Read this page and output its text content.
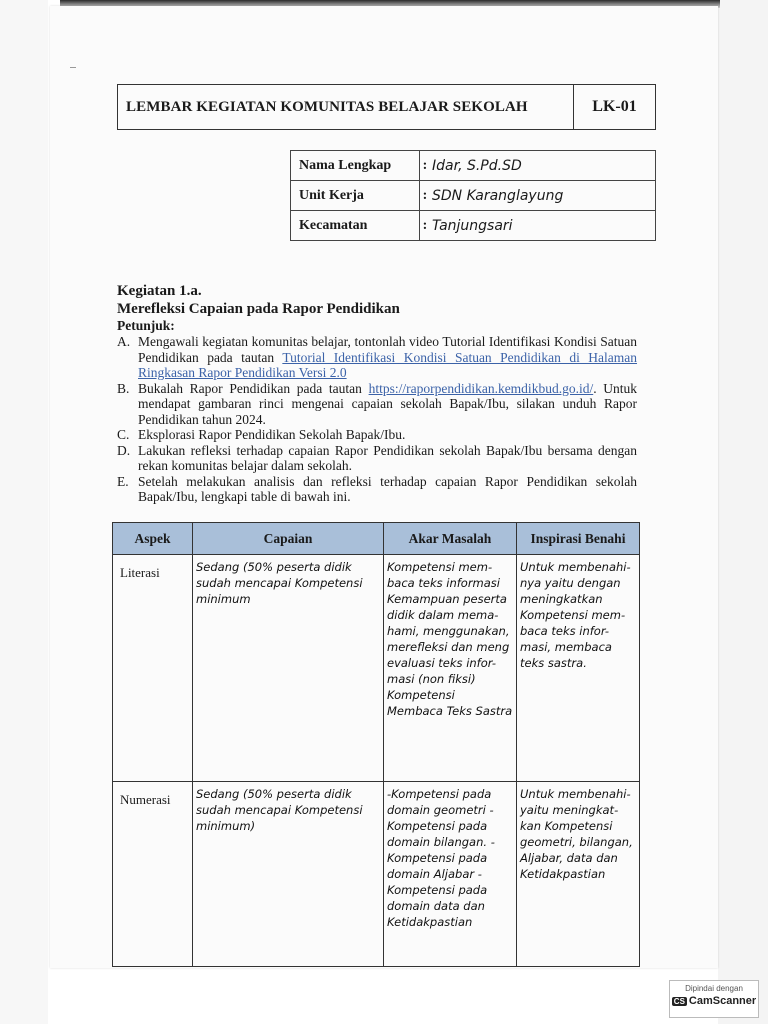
LEMBAR KEGIATAN KOMUNITAS BELAJAR SEKOLAH	LK-01
Nama Lengkap	:	Idar, S.Pd.SD
Unit Kerja	:	SDN Karanglayung
Kecamatan	:	Tanjungsari
Kegiatan 1.a.
Merefleksi Capaian pada Rapor Pendidikan
Petunjuk:
A. Mengawali kegiatan komunitas belajar, tontonlah video Tutorial Identifikasi Kondisi Satuan Pendidikan pada tautan Tutorial Identifikasi Kondisi Satuan Pendidikan di Halaman Ringkasan Rapor Pendidikan Versi 2.0
B. Bukalah Rapor Pendidikan pada tautan https://raporpendidikan.kemdikbud.go.id/. Untuk mendapat gambaran rinci mengenai capaian sekolah Bapak/Ibu, silakan unduh Rapor Pendidikan tahun 2024.
C. Eksplorasi Rapor Pendidikan Sekolah Bapak/Ibu.
D. Lakukan refleksi terhadap capaian Rapor Pendidikan sekolah Bapak/Ibu bersama dengan rekan komunitas belajar dalam sekolah.
E. Setelah melakukan analisis dan refleksi terhadap capaian Rapor Pendidikan sekolah Bapak/Ibu, lengkapi table di bawah ini.
Aspek	Capaian	Akar Masalah	Inspirasi Benahi
Literasi	Sedang (50% peserta didik sudah mencapai Kompetensi minimum	Kompetensi mem- baca teks informasi Kemampuan peserta didik dalam mema- hami, menggunakan, merefleksi dan meng evaluasi teks infor- masi (non fiksi) Kompetensi Membaca Teks Sastra	Untuk membenahi- nya yaitu dengan meningkatkan Kompetensi mem- baca teks infor- masi, membaca teks sastra.
Numerasi	Sedang (50% peserta didik sudah mencapai Kompetensi minimum)	-Kompetensi pada domain geometri -Kompetensi pada domain bilangan. -Kompetensi pada domain Aljabar -Kompetensi pada domain data dan Ketidakpastian	Untuk membenahi- yaitu meningkat- kan Kompetensi geometri, bilangan, Aljabar, data dan Ketidakpastian
Dipindai dengan
CS CamScanner
